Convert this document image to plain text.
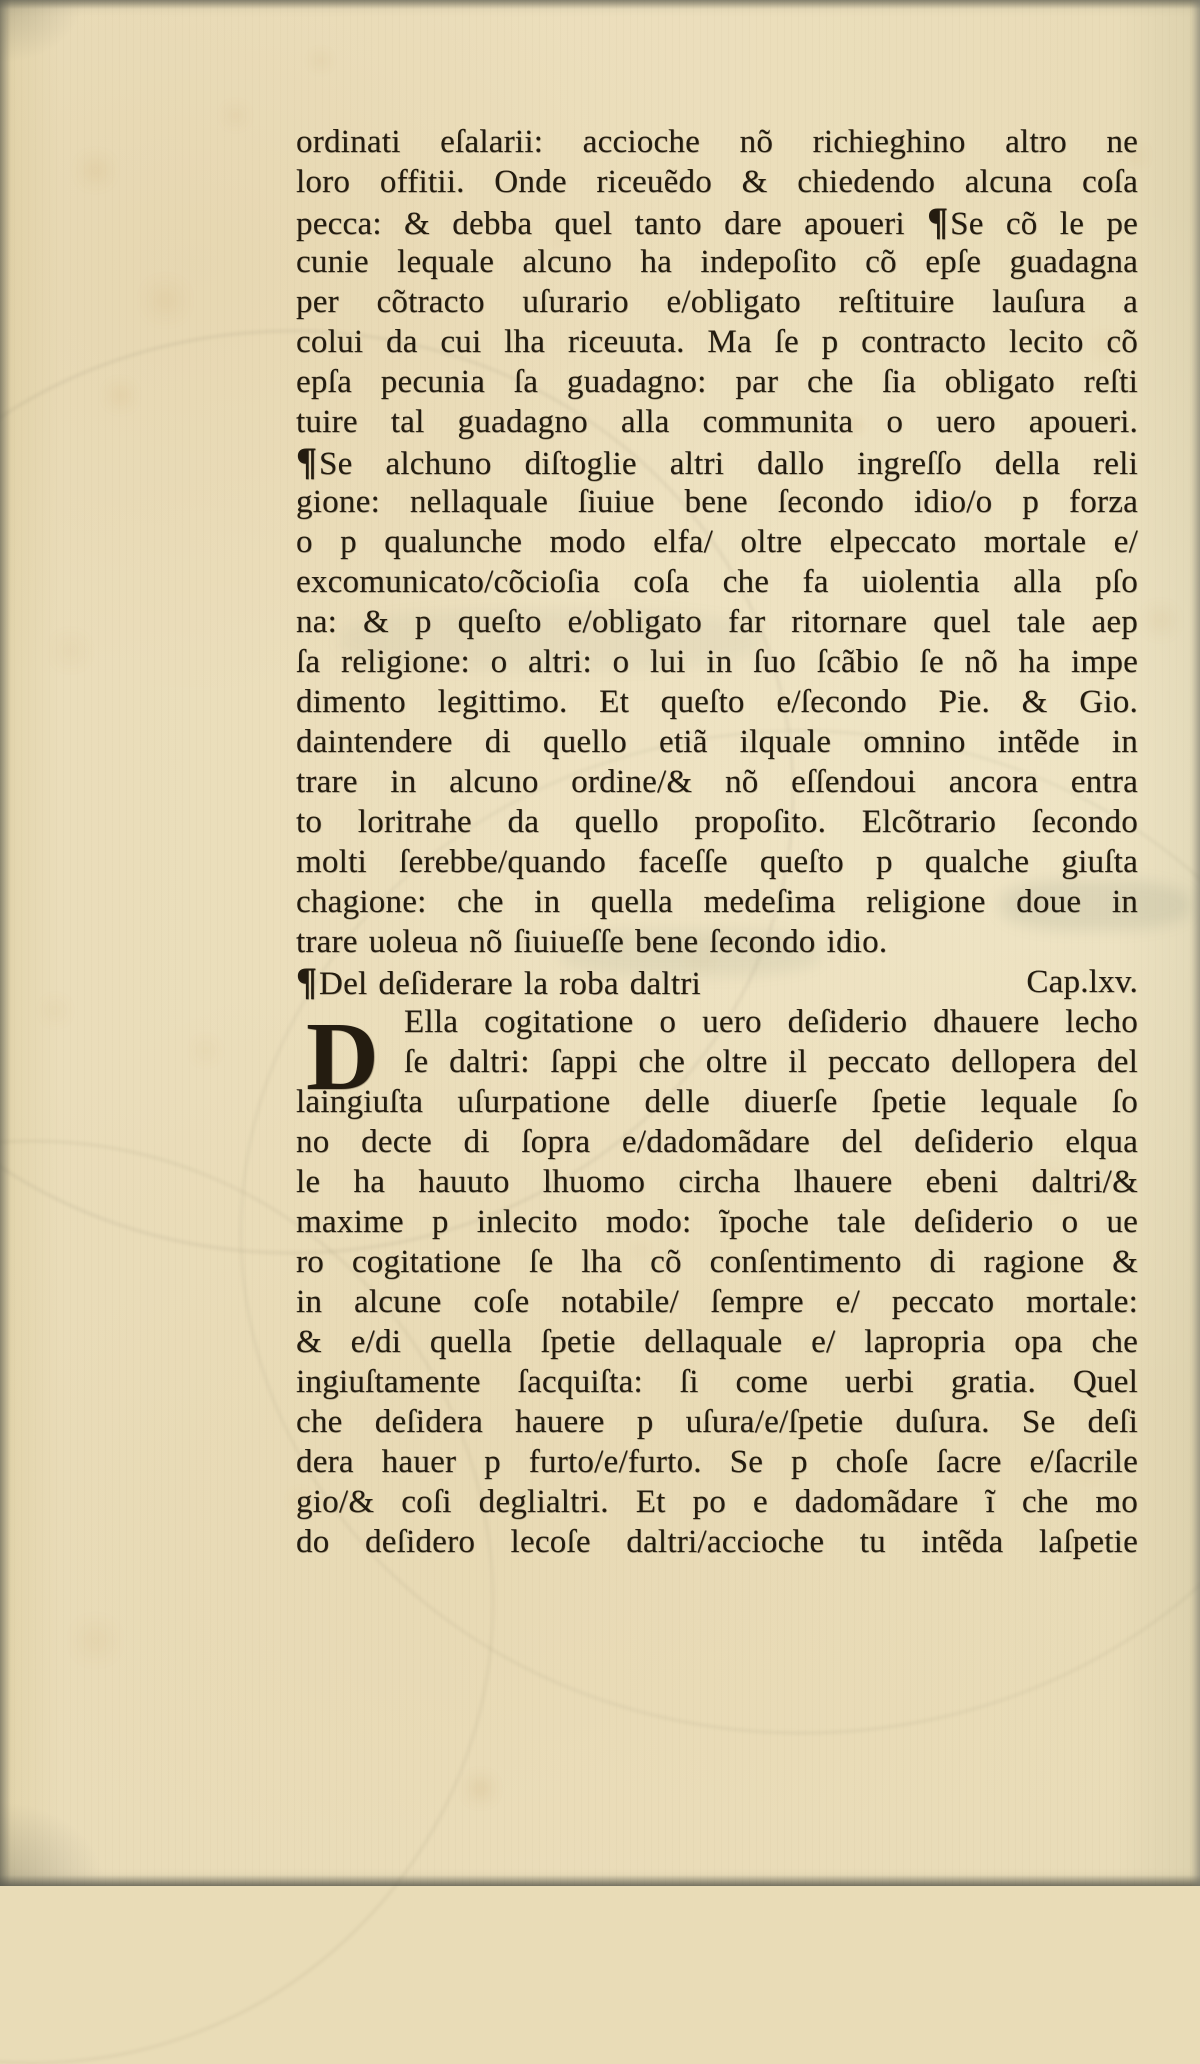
D
ordinati eſalarii: accioche nõ richieghino altro ne
loro offitii. Onde riceuẽdo & chiedendo alcuna coſa
pecca: & debba quel tanto dare apoueri ¶Se cõ le pe
cunie lequale alcuno ha indepoſito cõ epſe guadagna
per cõtracto uſurario e/obligato reſtituire lauſura a
colui da cui lha riceuuta. Ma ſe p contracto lecito cõ
epſa pecunia ſa guadagno: par che ſia obligato reſti
tuire tal guadagno alla communita o uero apoueri.
¶Se alchuno diſtoglie altri dallo ingreſſo della reli
gione: nellaquale ſiuiue bene ſecondo idio/o p forza
o p qualunche modo elfa/ oltre elpeccato mortale e/
excomunicato/cõcioſia coſa che fa uiolentia alla pſo
na: & p queſto e/obligato far ritornare quel tale aep
ſa religione: o altri: o lui in ſuo ſcãbio ſe nõ ha impe
dimento legittimo. Et queſto e/ſecondo Pie. & Gio.
daintendere di quello etiã ilquale omnino intẽde in
trare in alcuno ordine/& nõ eſſendoui ancora entra
to loritrahe da quello propoſito. Elcõtrario ſecondo
molti ſerebbe/quando faceſſe queſto p qualche giuſta
chagione: che in quella medeſima religione doue in
trare uoleua nõ ſiuiueſſe bene ſecondo idio.
¶Del deſiderare la roba daltri	Cap.lxv.
Ella cogitatione o uero deſiderio dhauere lecho
ſe daltri: ſappi che oltre il peccato dellopera del
laingiuſta uſurpatione delle diuerſe ſpetie lequale ſo
no decte di ſopra e/dadomãdare del deſiderio elqua
le ha hauuto lhuomo circha lhauere ebeni daltri/&
maxime p inlecito modo: ĩpoche tale deſiderio o ue
ro cogitatione ſe lha cõ conſentimento di ragione &
in alcune coſe notabile/ ſempre e/ peccato mortale:
& e/di quella ſpetie dellaquale e/ lapropria opa che
ingiuſtamente ſacquiſta: ſi come uerbi gratia. Quel
che deſidera hauere p uſura/e/ſpetie duſura. Se deſi
dera hauer p furto/e/furto. Se p choſe ſacre e/ſacrile
gio/& coſi deglialtri. Et po e dadomãdare ĩ che mo
do deſidero lecoſe daltri/accioche tu intẽda laſpetie
